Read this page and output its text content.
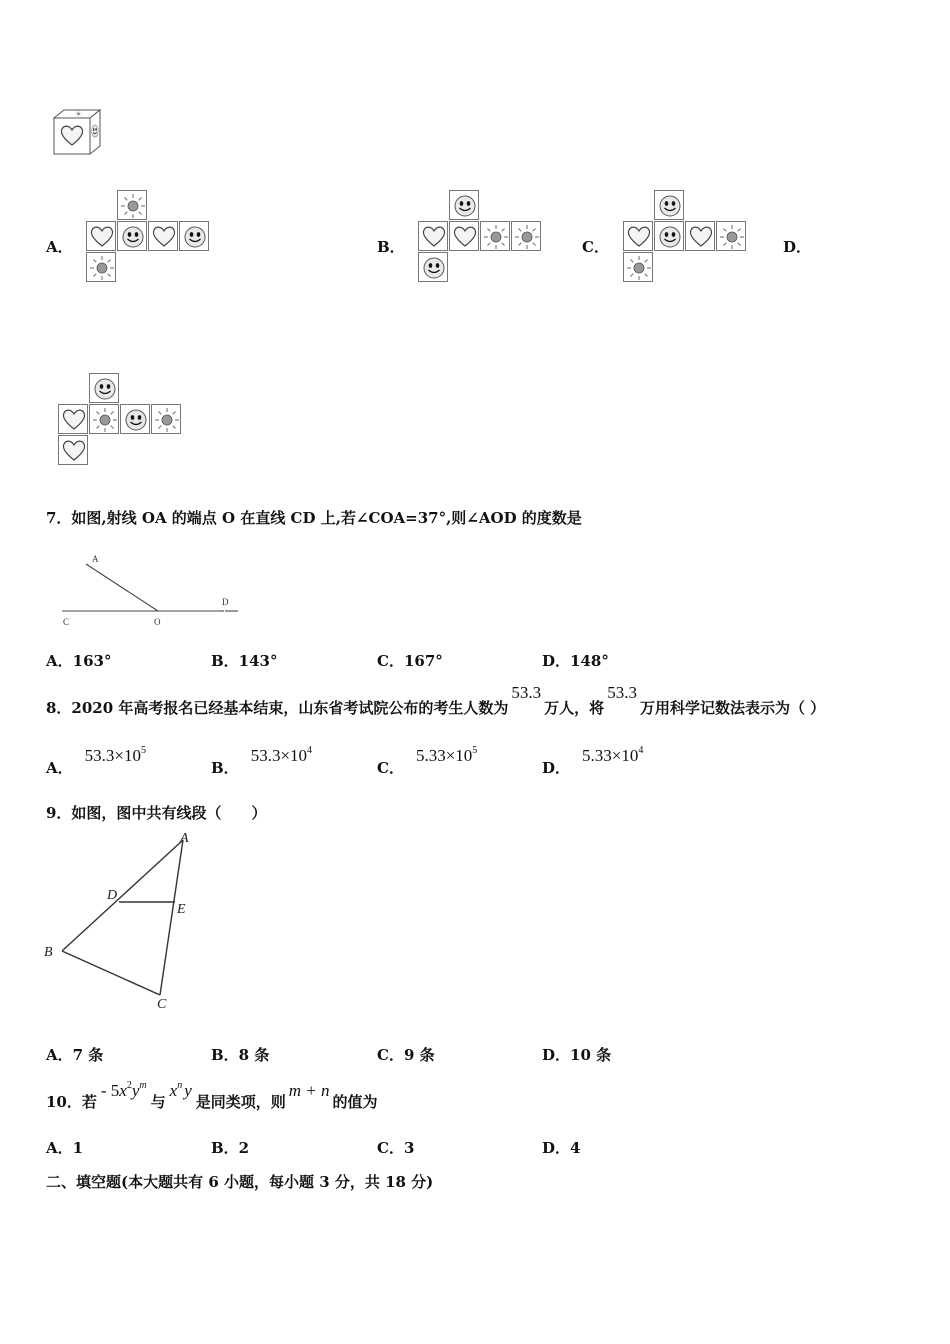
A．	B．	C．	D．
7．如图,射线 OA 的端点 O 在直线 CD 上,若∠COA=37°,则∠AOD 的度数是
A
C	O
D
A．163°	B．143°	C．167°	D．148°
8．2020 年高考报名已经基本结束，山东省考试院公布的考生人数为53.3万人，将53.3万用科学记数法表示为（ ）
A．$53.3\times 10^5$
B．$53.3\times 10^4$
C．$5.33\times 10^5$
D．$5.33\times 10^4$
9．如图，图中共有线段（　　）
A
D
E
B
C
A．7 条	B．8 条	C．9 条	D．10 条
10．若- $5x^2y^m$与$x^n$ y是同类项，则m + n的值为
A．1	B．2	C．3	D．4
二、填空题(本大题共有 6 小题，每小题 3 分，共 18 分)
